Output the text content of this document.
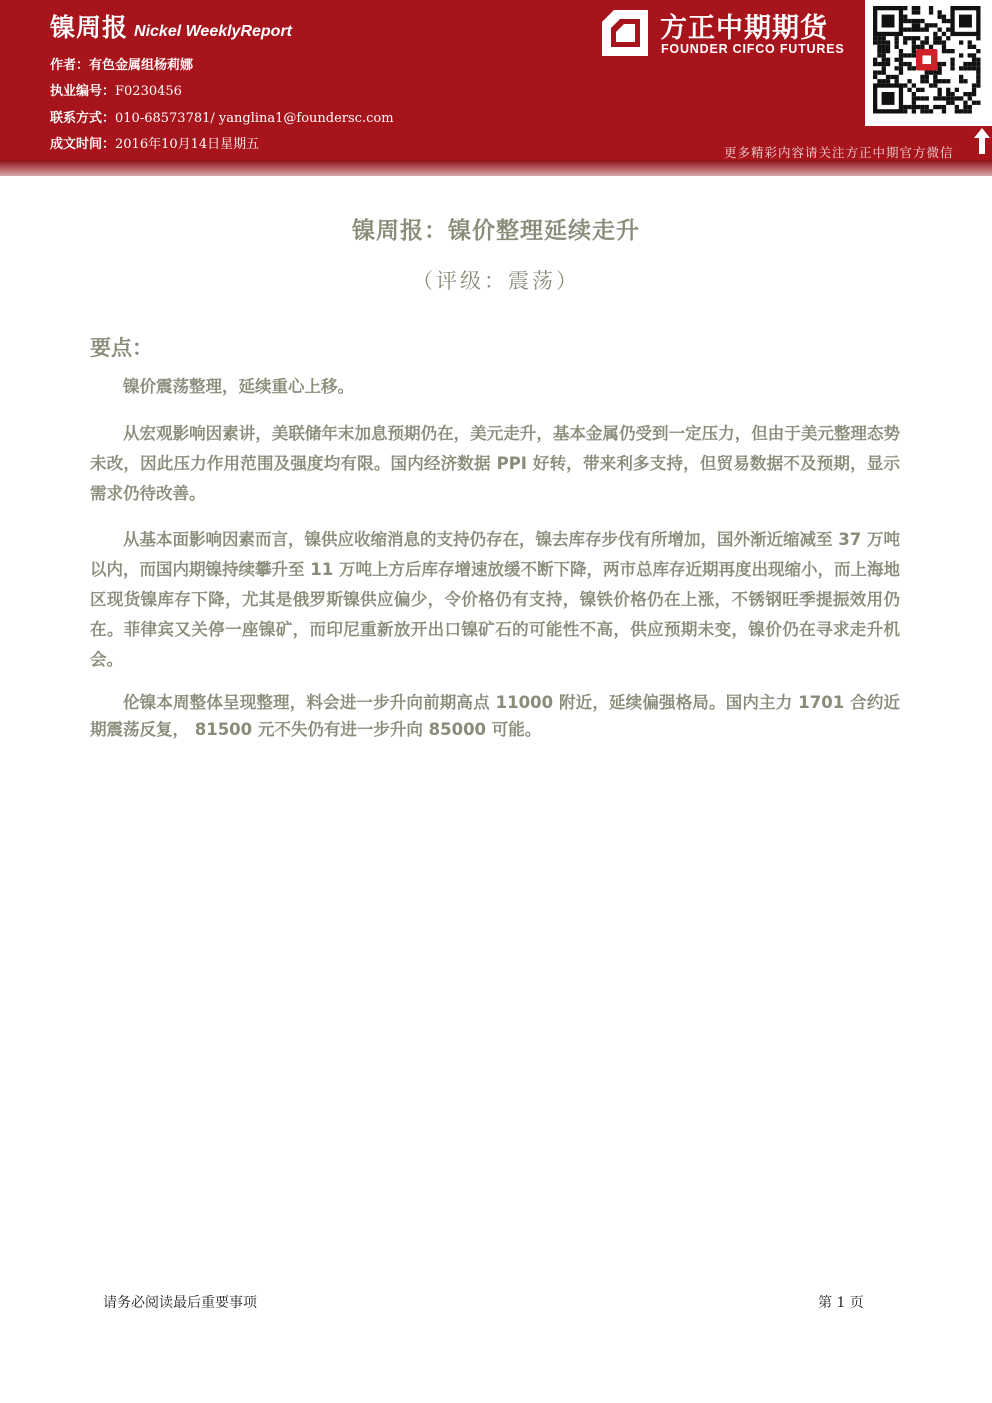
镍周报 Nickel WeeklyReport
作者：有色金属组杨莉娜
执业编号：F0230456
联系方式：010-68573781/ yanglina1@foundersc.com
成文时间：2016年10月14日星期五
方正中期期货
FOUNDER CIFCO FUTURES
更多精彩内容请关注方正中期官方微信
镍周报：镍价整理延续走升
（评级：震荡）
要点：

镍价震荡整理，延续重心上移。

从宏观影响因素讲，美联储年末加息预期仍在，美元走升，基本金属仍受到一定压力，但由于美元整理态势未改，因此压力作用范围及强度均有限。国内经济数据 PPI 好转，带来利多支持，但贸易数据不及预期，显示需求仍待改善。

从基本面影响因素而言，镍供应收缩消息的支持仍存在，镍去库存步伐有所增加，国外渐近缩减至 37 万吨以内，而国内期镍持续攀升至 11 万吨上方后库存增速放缓不断下降，两市总库存近期再度出现缩小，而上海地区现货镍库存下降，尤其是俄罗斯镍供应偏少，令价格仍有支持，镍铁价格仍在上涨，不锈钢旺季提振效用仍在。菲律宾又关停一座镍矿，而印尼重新放开出口镍矿石的可能性不高，供应预期未变，镍价仍在寻求走升机会。

伦镍本周整体呈现整理，料会进一步升向前期高点 11000 附近，延续偏强格局。国内主力 1701 合约近期震荡反复， 81500 元不失仍有进一步升向 85000 可能。

请务必阅读最后重要事项	第 1 页
